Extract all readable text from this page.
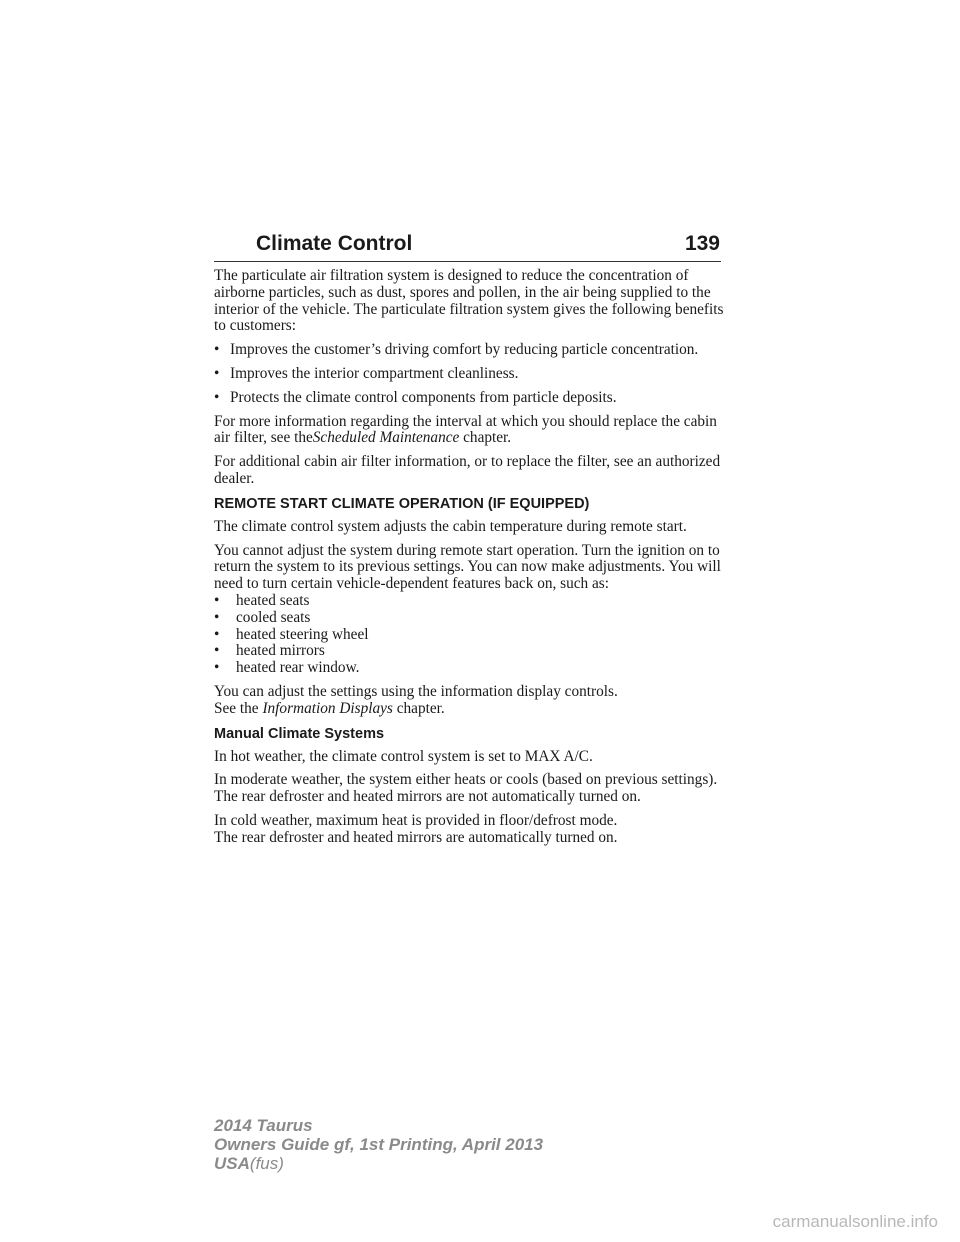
Climate Control	139

The particulate air filtration system is designed to reduce the concentration of airborne particles, such as dust, spores and pollen, in the air being supplied to the interior of the vehicle. The particulate filtration system gives the following benefits to customers:

• Improves the customer’s driving comfort by reducing particle concentration.
• Improves the interior compartment cleanliness.
• Protects the climate control components from particle deposits.

For more information regarding the interval at which you should replace the cabin air filter, see theScheduled Maintenance chapter.

For additional cabin air filter information, or to replace the filter, see an authorized dealer.

REMOTE START CLIMATE OPERATION (IF EQUIPPED)

The climate control system adjusts the cabin temperature during remote start.

You cannot adjust the system during remote start operation. Turn the ignition on to return the system to its previous settings. You can now make adjustments. You will need to turn certain vehicle-dependent features back on, such as:

• heated seats
• cooled seats
• heated steering wheel
• heated mirrors
• heated rear window.

You can adjust the settings using the information display controls.
See the Information Displays chapter.

Manual Climate Systems

In hot weather, the climate control system is set to MAX A/C.

In moderate weather, the system either heats or cools (based on previous settings). The rear defroster and heated mirrors are not automatically turned on.

In cold weather, maximum heat is provided in floor/defrost mode.
The rear defroster and heated mirrors are automatically turned on.

2014 Taurus
Owners Guide gf, 1st Printing, April 2013
USA(fus)
carmanualsonline.info
